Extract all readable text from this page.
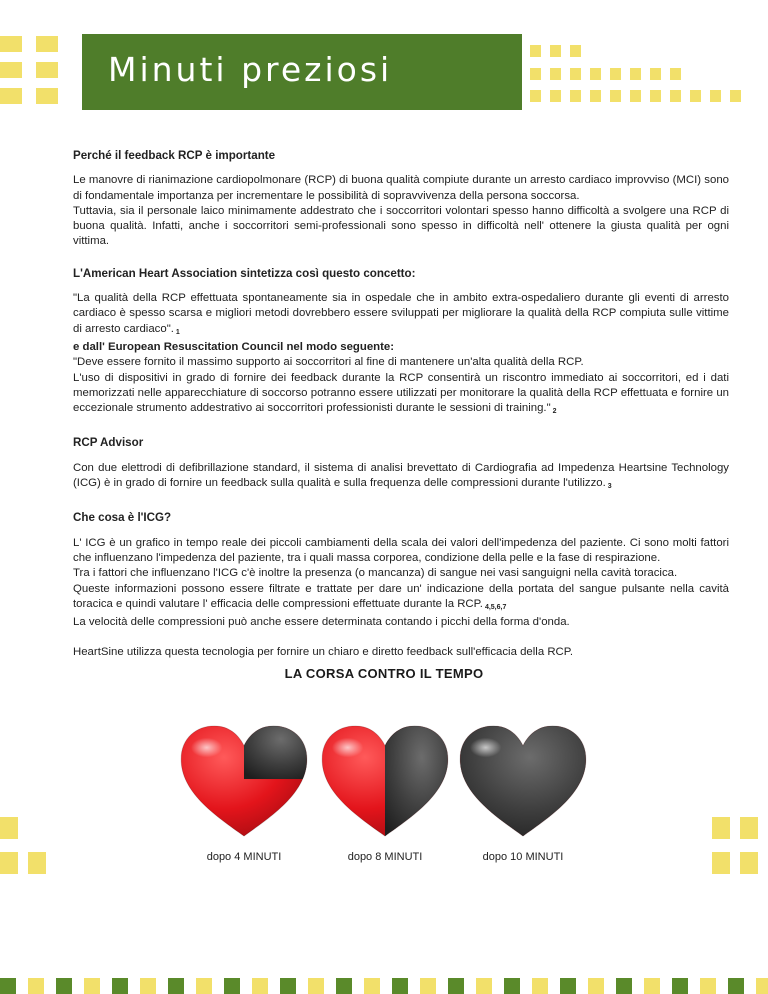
Minuti preziosi
Perché il feedback RCP è importante

Le manovre di rianimazione cardiopolmonare (RCP) di buona qualità compiute durante un arresto cardiaco improvviso (MCI) sono di fondamentale importanza per incrementare le possibilità di sopravvivenza della persona soccorsa.
Tuttavia, sia il personale laico minimamente addestrato che i soccorritori volontari spesso hanno difficoltà a svolgere una RCP di buona qualità. Infatti, anche i soccorritori semi-professionali sono spesso in difficoltà nell' ottenere la giusta qualità per ogni vittima.

L'American Heart Association sintetizza così questo concetto:

"La qualità della RCP effettuata spontaneamente sia in ospedale che in ambito extra-ospedaliero durante gli eventi di arresto cardiaco è spesso scarsa e migliori metodi dovrebbero essere sviluppati per migliorare la qualità della RCP compiuta sulle vittime di arresto cardiaco". $_1$
e dall' European Resuscitation Council nel modo seguente:
"Deve essere fornito il massimo supporto ai soccorritori al fine di mantenere un'alta qualità della RCP.
L'uso di dispositivi in grado di fornire dei feedback durante la RCP consentirà un riscontro immediato ai soccorritori, ed i dati memorizzati nelle apparecchiature di soccorso potranno essere utilizzati per monitorare la qualità della RCP effettuata e fornire un eccezionale strumento addestrativo ai soccorritori professionisti durante le sessioni di training." $_2$

RCP Advisor

Con due elettrodi di defibrillazione standard, il sistema di analisi brevettato di Cardiografia ad Impedenza Heartsine Technology (ICG) è in grado di fornire un feedback sulla qualità e sulla frequenza delle compressioni durante l'utilizzo. $_3$

Che cosa è l'ICG?

L' ICG è un grafico in tempo reale dei piccoli cambiamenti della scala dei valori dell'impedenza del paziente. Ci sono molti fattori che influenzano l'impedenza del paziente, tra i quali massa corporea, condizione della pelle e la fase di respirazione.
Tra i fattori che influenzano l'ICG c'è inoltre la presenza (o mancanza) di sangue nei vasi sanguigni nella cavità toracica.
Queste informazioni possono essere filtrate e trattate per dare un' indicazione della portata del sangue pulsante nella cavità toracica e quindi valutare l' efficacia delle compressioni effettuate durante la RCP. $_{4,5,6,7}$
La velocità delle compressioni può anche essere determinata contando i picchi della forma d'onda.

HeartSine utilizza questa tecnologia per fornire un chiaro e diretto feedback sull'efficacia della RCP.

LA CORSA CONTRO IL TEMPO
dopo 4 MINUTI	dopo 8 MINUTI	dopo 10 MINUTI
